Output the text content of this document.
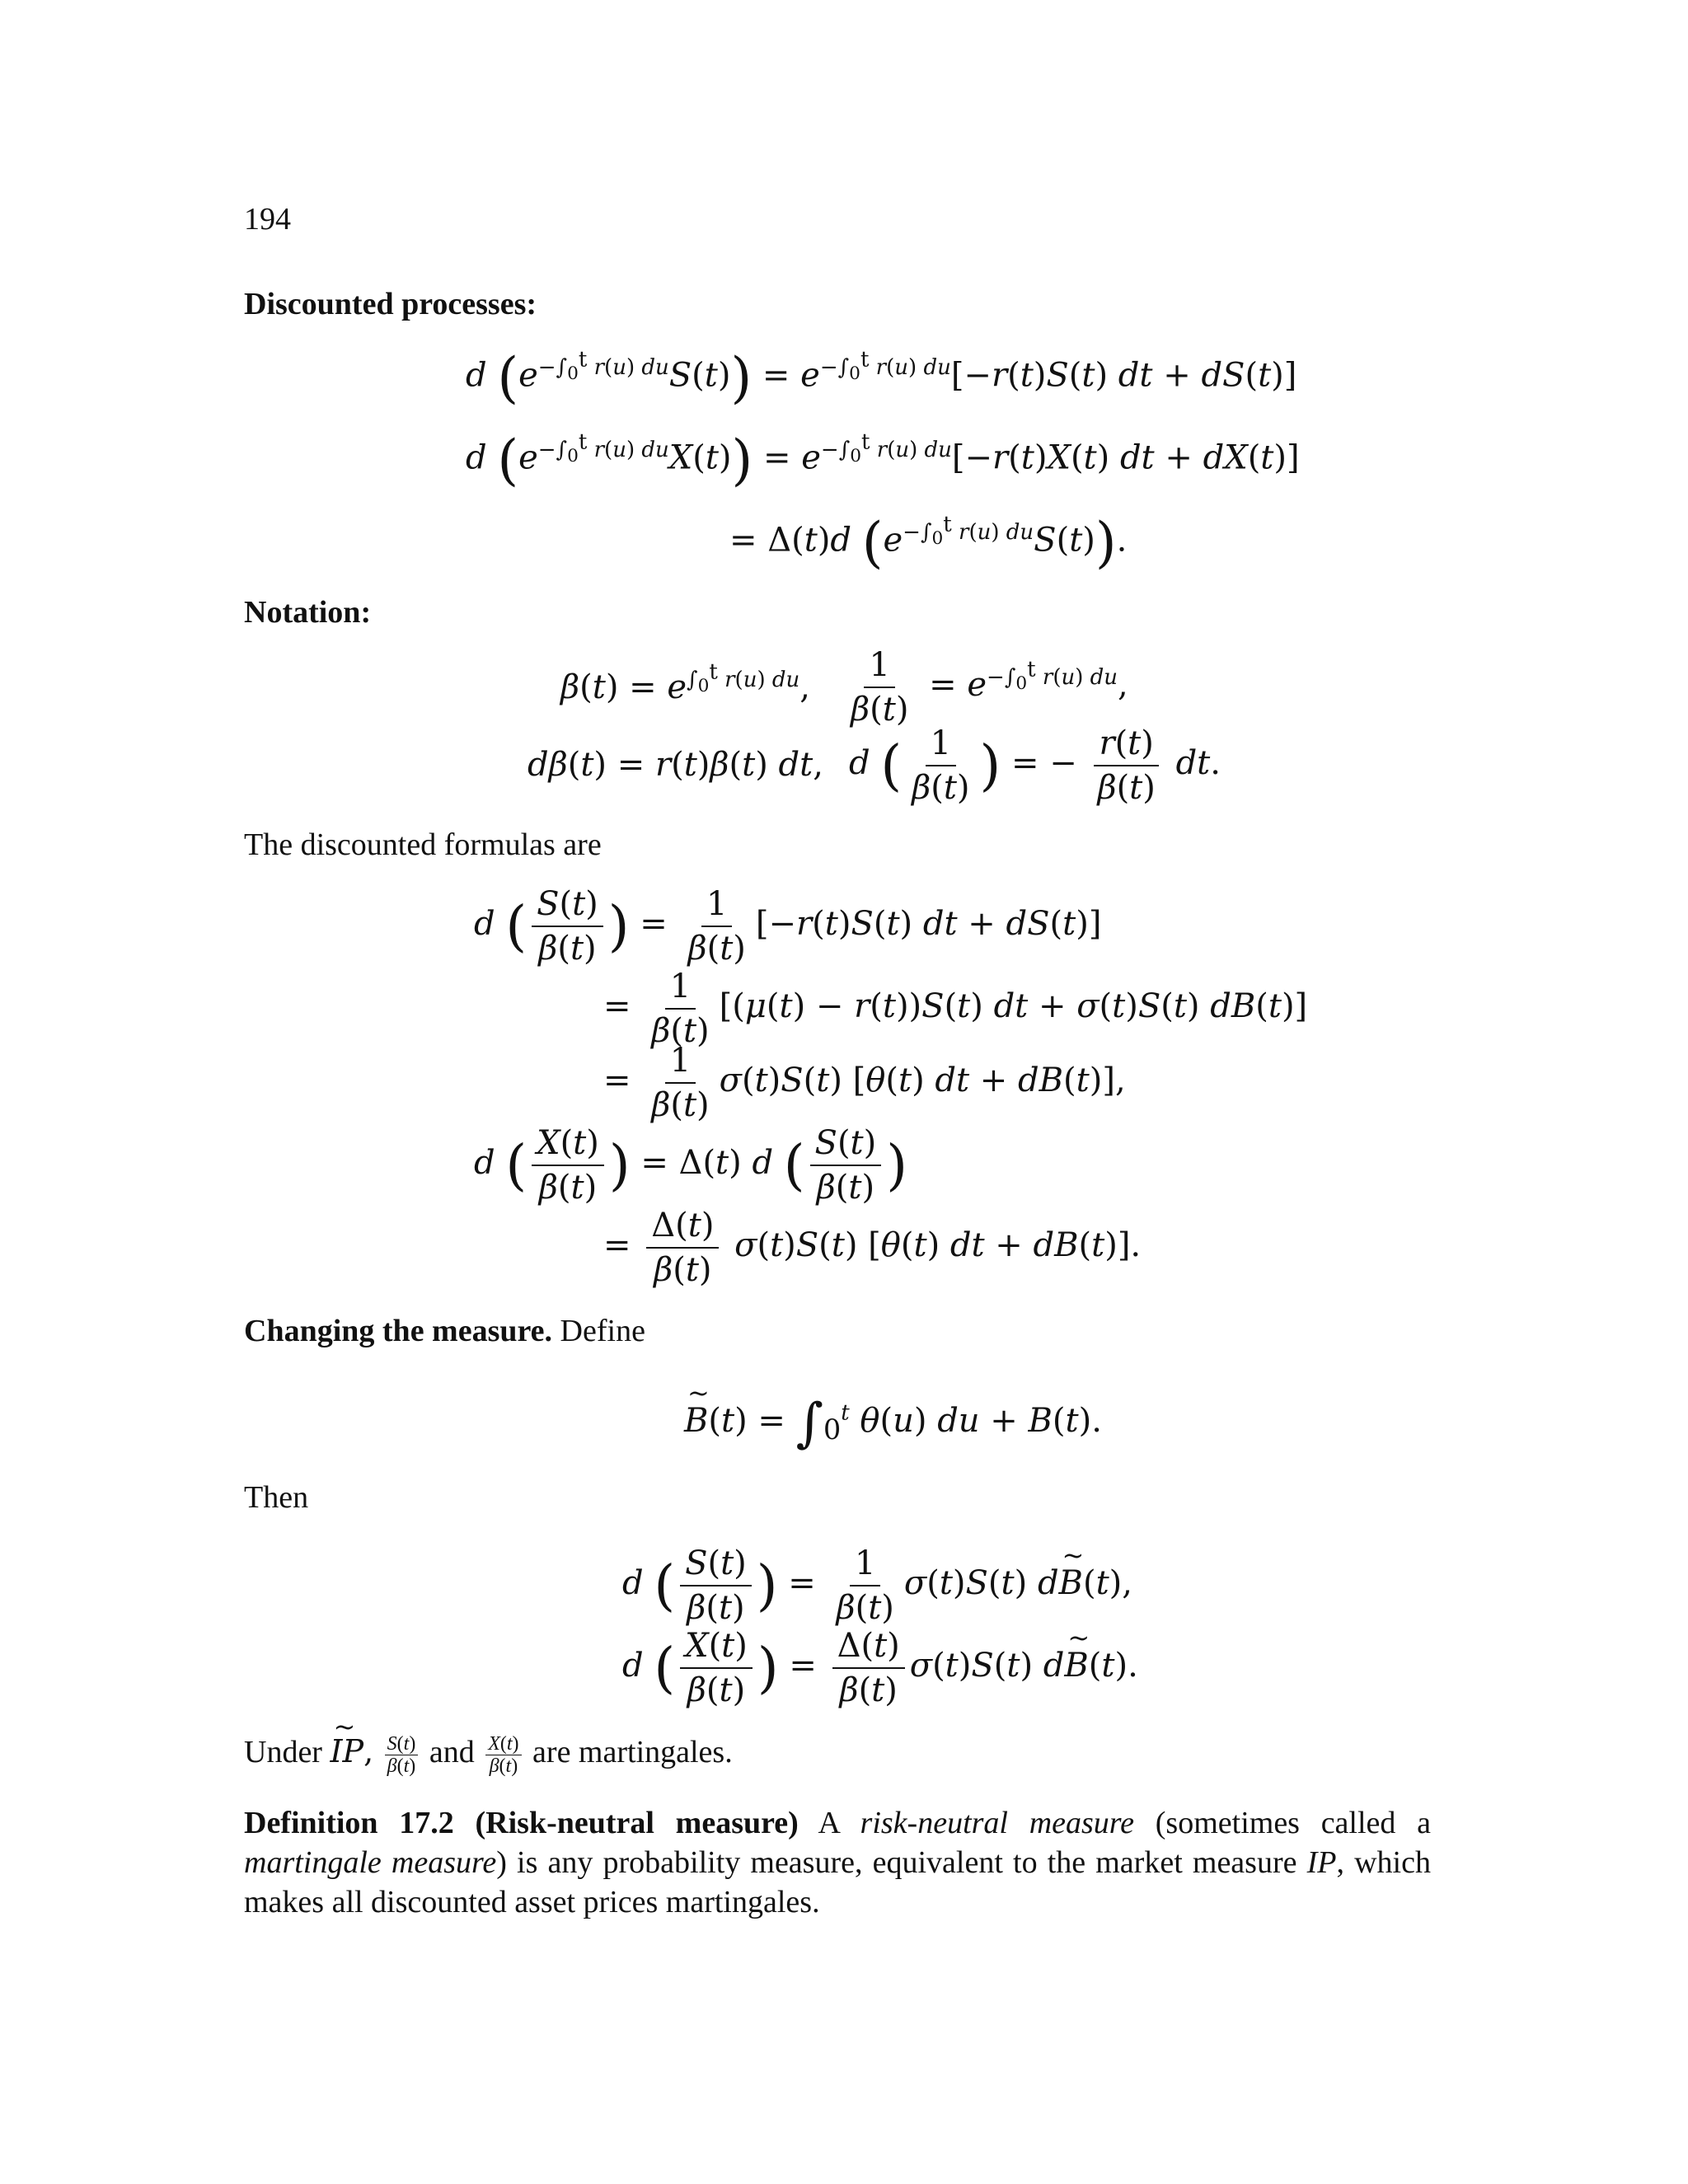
194
Discounted processes:
d $(e^{-\int_0^t r(u) du}S(t)) = e^{-\int_0^t r(u) du}[-r(t)S(t)$ dt + dS(t)]
d $(e^{-\int_0^t r(u) du}X(t)) = e^{-\int_0^t r(u) du}[-r(t)X(t)$ dt + dX(t)]
= Δ(t)d $(e^{-\int_0^t r(u) du}S(t))$.
Notation:
$\beta(t) = e^{\int_0^t r(u) du}$, $\frac{1}{\beta(t)} = e^{-\int_0^t r(u) du}$,
dβ(t) = r(t)β(t) dt, d ( $\frac{1}{\beta(t)}$ ) = − $\frac{r(t)}{\beta(t)}$ dt.
The discounted formulas are
d ( $\frac{S(t)}{\beta(t)}$ ) = $\frac{1}{\beta(t)} [-r(t)S(t)$ dt + dS(t)]
= $\frac{1}{\beta(t)} [(\mu(t) - r(t))S(t)$ dt + σ(t)S(t) dB(t)]
= $\frac{1}{\beta(t)} \sigma(t)S(t)$ [θ(t) dt + dB(t)],
d ( $\frac{X(t)}{\beta(t)}$ ) = Δ(t) d ( $\frac{S(t)}{\beta(t)}$ )
= $\frac{\Delta(t)}{\beta(t)} \sigma(t)S(t)$ [θ(t) dt + dB(t)].
Changing the measure. Define
~ $B(t) = \int_0^t$ θ(u) du + B(t).
Then
d ( $\frac{S(t)}{\beta(t)}$ ) = $\frac{1}{\beta(t)} \sigma(t)S(t)$ d~ B(t),
d ( $\frac{X(t)}{\beta(t)}$ ) = $\frac{\Delta(t)}{\beta(t)} \sigma(t)S(t)$ d~ B(t).
Under ~ IP, $\frac{S(t)}{\beta(t)}$ and $\frac{X(t)}{\beta(t)}$ are martingales.
Definition 17.2 (Risk-neutral measure) A risk-neutral measure (sometimes called a martingale measure) is any probability measure, equivalent to the market measure IP, which makes all discounted asset prices martingales.
